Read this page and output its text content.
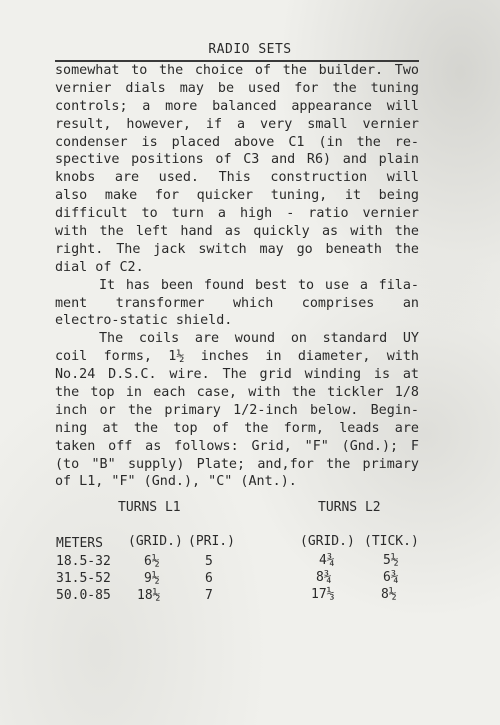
RADIO SETS
somewhat to the choice of the builder. Two
vernier dials may be used for the tuning
controls; a more balanced appearance will
result, however, if a very small vernier
condenser is placed above C1 (in the re-
spective positions of C3 and R6) and plain
knobs are used. This construction will
also make for quicker tuning, it being
difficult to turn a high - ratio vernier
with the left hand as quickly as with the
right. The jack switch may go beneath the
dial of C2.
It has been found best to use a fila-
ment transformer which comprises an
electro-static shield.
The coils are wound on standard UY
coil forms, 1½ inches in diameter, with
No.24 D.S.C. wire. The grid winding is at
the top in each case, with the tickler 1/8
inch or the primary 1/2-inch below. Begin-
ning at the top of the form, leads are
taken off as follows: Grid, "F" (Gnd.); F
(to "B" supply) Plate; and,for the primary
of L1, "F" (Gnd.), "C" (Ant.).
TURNS L1	TURNS L2
METERS (GRID.) (PRI.)	(GRID.) (TICK.)
18.5-32	6½	5	4¾	5½
31.5-52	9½	6	8¾	6¾
50.0-85 18½	7	17⅓	8½
